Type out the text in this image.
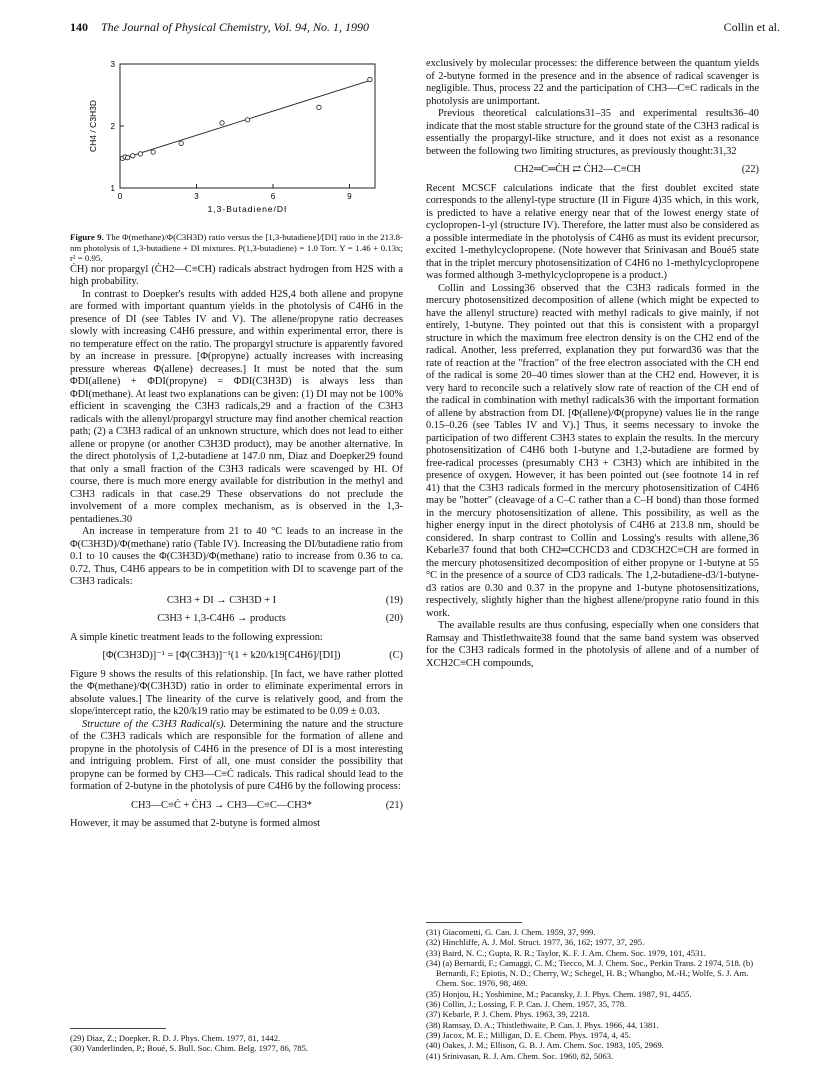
140 The Journal of Physical Chemistry, Vol. 94, No. 1, 1990	Collin et al.
0	3	6	9
1
2
3
1,3-Butadiene/DI
CH4 / C3H3D

Figure 9. The Φ(methane)/Φ(C3H3D) ratio versus the [1,3-butadiene]/[DI] ratio in the 213.8-nm photolysis of 1,3-butadiene + DI mixtures. P(1,3-butadiene) = 1.0 Torr. Y = 1.46 + 0.13x; r² = 0.95.

ĊH) nor propargyl (ĊH2—C≡CH) radicals abstract hydrogen from H2S with a high probability.

In contrast to Doepker's results with added H2S,4 both allene and propyne are formed with important quantum yields in the photolysis of C4H6 in the presence of DI (see Tables IV and V). The allene/propyne ratio decreases slowly with increasing C4H6 pressure, and within experimental error, there is no temperature effect on the ratio. The propargyl structure is apparently favored by an increase in pressure. [Φ(propyne) actually increases with increasing pressure whereas Φ(allene) decreases.] It must be noted that the sum ΦDI(allene) + ΦDI(propyne) = ΦDI(C3H3D) is always less than ΦDI(methane). At least two explanations can be given: (1) DI may not be 100% efficient in scavenging the C3H3 radicals,29 and a fraction of the C3H3 radicals with the allenyl/propargyl structure may find another chemical reaction path; (2) a C3H3 radical of an unknown structure, which does not lead to either allene or propyne (or another C3H3D product), may be another alternative. In the direct photolysis of 1,2-butadiene at 147.0 nm, Diaz and Doepker29 found that only a small fraction of the C3H3 radicals were scavenged by HI. Of course, there is much more energy available for distribution in the methyl and C3H3 radicals in that case.29 These observations do not preclude the involvement of a more complex mechanism, as is observed in the 1,3-pentadienes.30

An increase in temperature from 21 to 40 °C leads to an increase in the Φ(C3H3D)/Φ(methane) ratio (Table IV). Increasing the DI/butadiene ratio from 0.1 to 10 causes the Φ(C3H3D)/Φ(methane) ratio to increase from 0.36 to ca. 0.72. Thus, C4H6 appears to be in competition with DI to scavenge part of the C3H3 radicals:

C3H3 + DI → C3H3D + I	(19)
C3H3 + 1,3-C4H6 → products	(20)

A simple kinetic treatment leads to the following expression:

[Φ(C3H3D)]⁻¹ = [Φ(C3H3)]⁻¹(1 + k20/k19[C4H6]/[DI])	(C)

Figure 9 shows the results of this relationship. [In fact, we have rather plotted the Φ(methane)/Φ(C3H3D) ratio in order to eliminate experimental errors in absolute values.] The linearity of the curve is relatively good, and from the slope/intercept ratio, the k20/k19 ratio may be estimated to be 0.09 ± 0.03.

Structure of the C3H3 Radical(s). Determining the nature and the structure of the C3H3 radicals which are responsible for the formation of allene and propyne in the photolysis of C4H6 in the presence of DI is a most interesting and intriguing problem. First of all, one must consider the possibility that propyne can be formed by CH3—C≡Ċ radicals. This radical should lead to the formation of 2-butyne in the photolysis of pure C4H6 by the following process:

CH3—C≡Ċ + ĊH3 → CH3—C≡C—CH3*	(21)

However, it may be assumed that 2-butyne is formed almost

(29) Diaz, Z.; Doepker, R. D. J. Phys. Chem. 1977, 81, 1442.
(30) Vanderlinden, P.; Boué, S. Bull. Soc. Chim. Belg. 1977, 86, 785.

exclusively by molecular processes: the difference between the quantum yields of 2-butyne formed in the presence and in the absence of radical scavenger is negligible. Thus, process 22 and the participation of CH3—C≡C radicals in the photolysis are unimportant.

Previous theoretical calculations31–35 and experimental results36–40 indicate that the most stable structure for the ground state of the C3H3 radical is essentially the propargyl-like structure, and it does not exist as a resonance between the following two limiting structures, as previously thought:31,32

CH2═C═ĊH ⇄ ĊH2—C≡CH	(22)

Recent MCSCF calculations indicate that the first doublet excited state corresponds to the allenyl-type structure (II in Figure 4)35 which, in this work, is predicted to have a relative energy near that of the lowest energy state of cyclopropen-1-yl (structure IV). Therefore, the latter must also be considered as a possible intermediate in the photolysis of C4H6 as must its evident precursor, excited 1-methylcyclopropene. (Note however that Srinivasan and Boué5 state that in the triplet mercury photosensitization of C4H6 no 1-methylcyclopropene was formed although 3-methylcyclopropene is a product.)

Collin and Lossing36 observed that the C3H3 radicals formed in the mercury photosensitized decomposition of allene (which might be expected to have the allenyl structure) reacted with methyl radicals to give mainly, if not entirely, 1-butyne. They pointed out that this is consistent with a propargyl structure in which the maximum free electron density is on the CH2 end of the radical. Another, less preferred, explanation they put forward36 was that the rate of reaction at the "fraction" of the free electron associated with the CH end of the radical is some 20–40 times slower than at the CH2 end. However, it is very hard to reconcile such a relatively slow rate of reaction of the CH end of the radical in combination with methyl radicals36 with the important formation of allene by abstraction from DI. [Φ(allene)/Φ(propyne) values lie in the range 0.15–0.26 (see Tables IV and V).] Thus, it seems necessary to invoke the participation of two different C3H3 states to explain the results. In the mercury photosensitization of C4H6 both 1-butyne and 1,2-butadiene are formed by free-radical processes (presumably CH3 + C3H3) which are inhibited in the presence of oxygen. However, it has been pointed out (see footnote 14 in ref 41) that the C3H3 radicals formed in the mercury photosensitization of C4H6 may be "hotter" (cleavage of a C–C rather than a C–H bond) than those formed in the mercury photosensitization of allene. This possibility, as well as the higher energy input in the direct photolysis of C4H6 at 213.8 nm, should be considered. In sharp contrast to Collin and Lossing's results with allene,36 Kebarle37 found that both CH2═CCHCD3 and CD3CH2C≡CH are formed in the mercury photosensitized decomposition of either propyne or 1-butyne at 55 °C in the presence of a source of CD3 radicals. The 1,2-butadiene-d3/1-butyne-d3 ratios are 0.30 and 0.37 in the propyne and 1-butyne photosensitizations, respectively, slightly higher than the highest allene/propyne ratio found in this work.

The available results are thus confusing, especially when one considers that Ramsay and Thistlethwaite38 found that the same band system was observed for the C3H3 radicals formed in the photolysis of allene and of a number of XCH2C≡CH compounds,

(31) Giacometti, G. Can. J. Chem. 1959, 37, 999.
(32) Hinchliffe, A. J. Mol. Struct. 1977, 36, 162; 1977, 37, 295.
(33) Baird, N. C.; Gupta, R. R.; Taylor, K. F. J. Am. Chem. Soc. 1979, 101, 4531.
(34) (a) Bernardi, F.; Camaggi, C. M.; Tiecco, M. J. Chem. Soc., Perkin Trans. 2 1974, 518. (b) Bernardi, F.; Epiotis, N. D.; Cherry, W.; Schegel, H. B.; Whangbo, M.-H.; Wolfe, S. J. Am. Chem. Soc. 1976, 98, 469.
(35) Honjou, H.; Yoshimine, M.; Pacansky, J. J. Phys. Chem. 1987, 91, 4455.
(36) Collin, J.; Lossing, F. P. Can. J. Chem. 1957, 35, 778.
(37) Kebarle, P. J. Chem. Phys. 1963, 39, 2218.
(38) Ramsay, D. A.; Thistlethwaite, P. Can. J. Phys. 1966, 44, 1381.
(39) Jacox, M. E.; Milligan, D. E. Chem. Phys. 1974, 4, 45.
(40) Oakes, J. M.; Ellison, G. B. J. Am. Chem. Soc. 1983, 105, 2969.
(41) Srinivasan, R. J. Am. Chem. Soc. 1960, 82, 5063.
